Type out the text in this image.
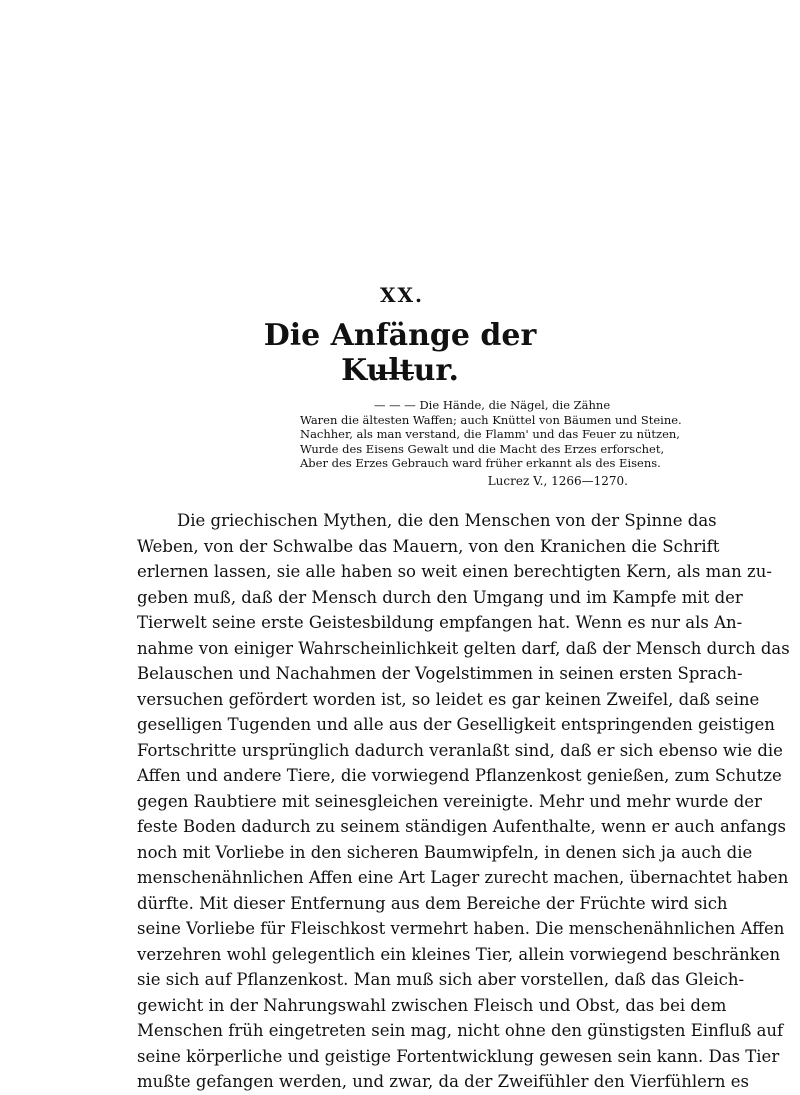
XX.
Die Anfänge der Kultur.
— — — Die Hände, die Nägel, die Zähne
Waren die ältesten Waffen; auch Knüttel von Bäumen und Steine.
Nachher, als man verstand, die Flamm' und das Feuer zu nützen,
Wurde des Eisens Gewalt und die Macht des Erzes erforschet,
Aber des Erzes Gebrauch ward früher erkannt als des Eisens.
Lucrez V., 1266—1270.
Die griechischen Mythen, die den Menschen von der Spinne das
Weben, von der Schwalbe das Mauern, von den Kranichen die Schrift
erlernen lassen, sie alle haben so weit einen berechtigten Kern, als man zu-
geben muß, daß der Mensch durch den Umgang und im Kampfe mit der
Tierwelt seine erste Geistesbildung empfangen hat. Wenn es nur als An-
nahme von einiger Wahrscheinlichkeit gelten darf, daß der Mensch durch das
Belauschen und Nachahmen der Vogelstimmen in seinen ersten Sprach-
versuchen gefördert worden ist, so leidet es gar keinen Zweifel, daß seine
geselligen Tugenden und alle aus der Geselligkeit entspringenden geistigen
Fortschritte ursprünglich dadurch veranlaßt sind, daß er sich ebenso wie die
Affen und andere Tiere, die vorwiegend Pflanzenkost genießen, zum Schutze
gegen Raubtiere mit seinesgleichen vereinigte. Mehr und mehr wurde der
feste Boden dadurch zu seinem ständigen Aufenthalte, wenn er auch anfangs
noch mit Vorliebe in den sicheren Baumwipfeln, in denen sich ja auch die
menschenähnlichen Affen eine Art Lager zurecht machen, übernachtet haben
dürfte. Mit dieser Entfernung aus dem Bereiche der Früchte wird sich
seine Vorliebe für Fleischkost vermehrt haben. Die menschenähnlichen Affen
verzehren wohl gelegentlich ein kleines Tier, allein vorwiegend beschränken
sie sich auf Pflanzenkost. Man muß sich aber vorstellen, daß das Gleich-
gewicht in der Nahrungswahl zwischen Fleisch und Obst, das bei dem
Menschen früh eingetreten sein mag, nicht ohne den günstigsten Einfluß auf
seine körperliche und geistige Fortentwicklung gewesen sein kann. Das Tier
mußte gefangen werden, und zwar, da der Zweifühler den Vierfühlern es
